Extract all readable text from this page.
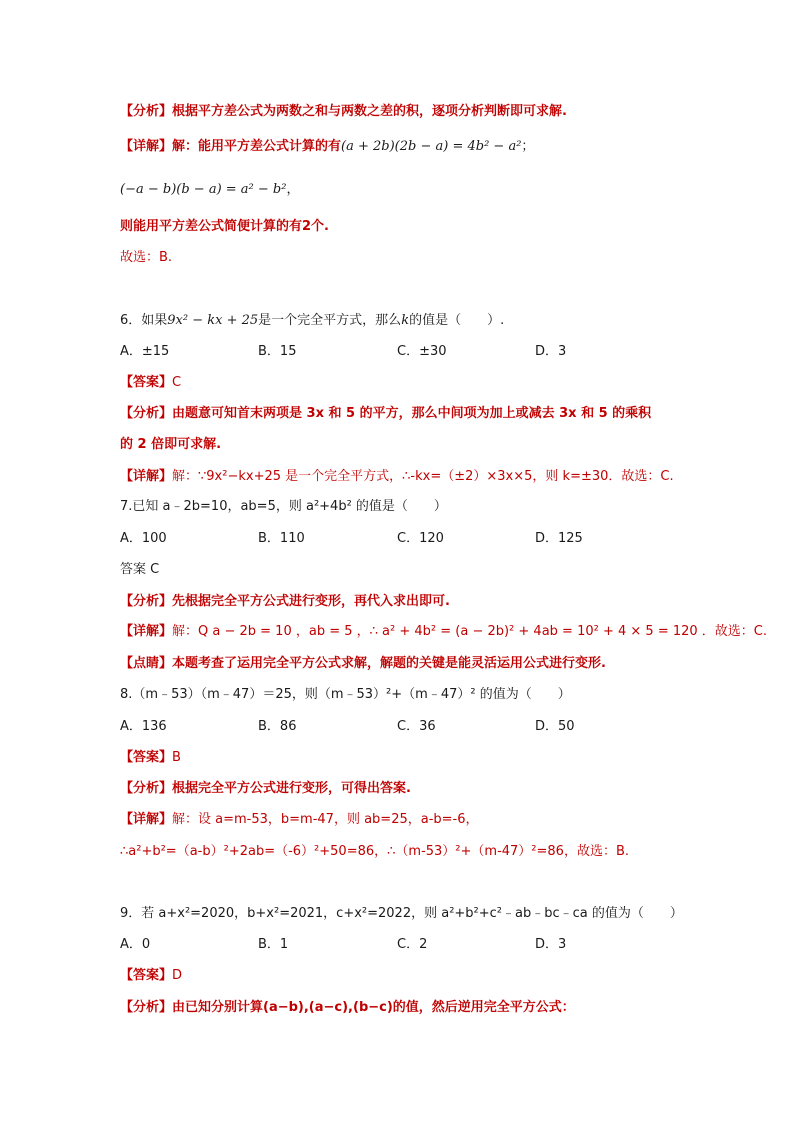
【分析】根据平方差公式为两数之和与两数之差的积，逐项分析判断即可求解.
【详解】解：能用平方差公式计算的有(a + 2b)(2b − a) = 4b² − a²；
(−a − b)(b − a) = a² − b²，
则能用平方差公式简便计算的有2个.
故选：B.
6．如果9x² − kx + 25是一个完全平方式，那么k的值是（　　）.
A．±15	B．15	C．±30	D．3
【答案】C
【分析】由题意可知首末两项是 3x 和 5 的平方，那么中间项为加上或减去 3x 和 5 的乘积
的 2 倍即可求解.
【详解】解：∵9x²−kx+25 是一个完全平方式，∴-kx=（±2）×3x×5，则 k=±30．故选：C.
7.已知 a﹣2b=10，ab=5，则 a²+4b² 的值是（　　）
A．100	B．110	C．120	D．125
答案 C
【分析】先根据完全平方公式进行变形，再代入求出即可.
【详解】解：Q a − 2b = 10 ，ab = 5 ，∴ a² + 4b² = (a − 2b)² + 4ab = 10² + 4 × 5 = 120 ．故选：C.
【点睛】本题考查了运用完全平方公式求解，解题的关键是能灵活运用公式进行变形.
8.（m﹣53）（m﹣47）＝25，则（m﹣53）²+（m﹣47）² 的值为（　　）
A．136	B．86	C．36	D．50
【答案】B
【分析】根据完全平方公式进行变形，可得出答案.
【详解】解：设 a=m-53，b=m-47，则 ab=25，a-b=-6，
∴a²+b²=（a-b）²+2ab=（-6）²+50=86，∴（m-53）²+（m-47）²=86，故选：B.
9．若 a+x²=2020，b+x²=2021，c+x²=2022，则 a²+b²+c²﹣ab﹣bc﹣ca 的值为（　　）
A．0	B．1	C．2	D．3
【答案】D
【分析】由已知分别计算(a−b),(a−c),(b−c)的值，然后逆用完全平方公式：
